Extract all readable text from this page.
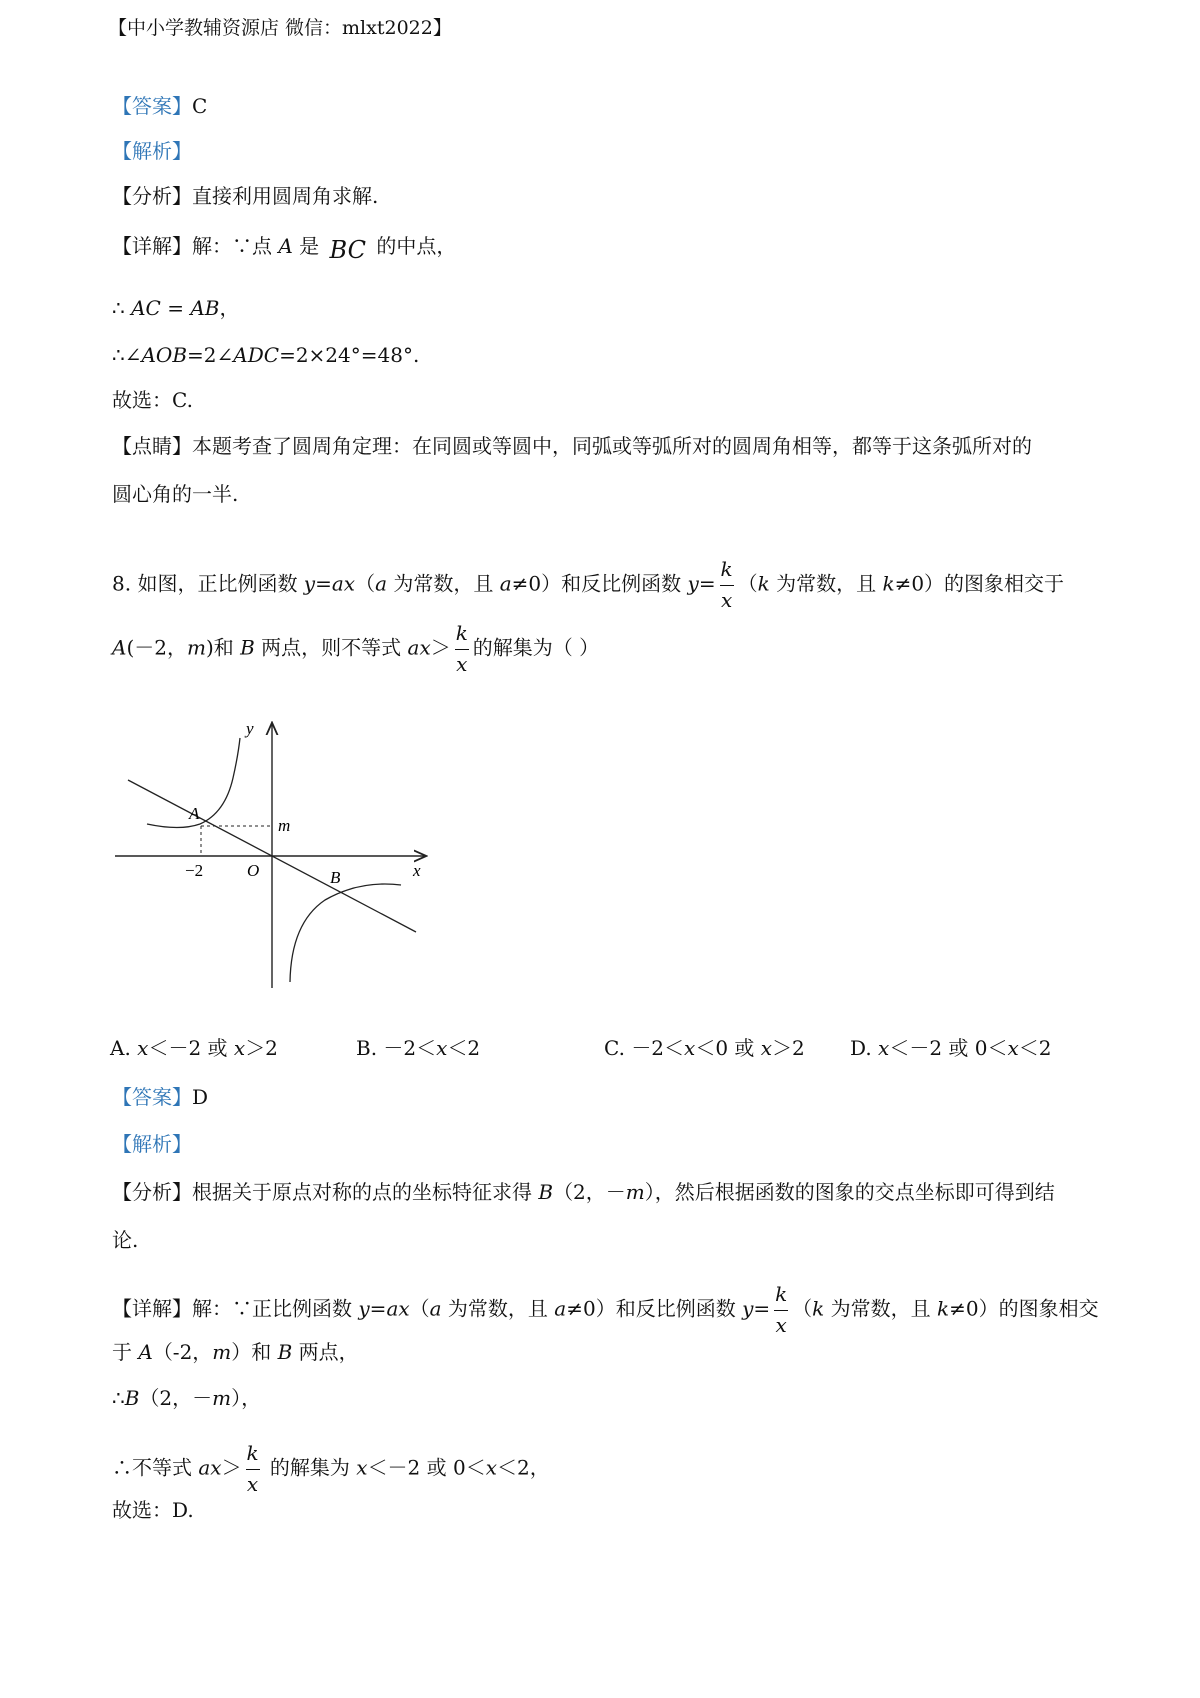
【中小学教辅资源店 微信：mlxt2022】
【答案】C
【解析】
【分析】直接利用圆周角求解.
【详解】解：∵点 A 是 BC 的中点，
∴ AC = AB，
∴∠AOB=2∠ADC=2×24°=48°.
故选：C.
【点睛】本题考查了圆周角定理：在同圆或等圆中，同弧或等弧所对的圆周角相等，都等于这条弧所对的
圆心角的一半.
8. 如图，正比例函数 y=ax（a 为常数，且 a≠0）和反比例函数 $y= \frac{k}{x} (k$ 为常数，且 k≠0）的图象相交于
A(－2，m)和 B 两点，则不等式 $ax> \frac{k}{x}$ 的解集为（ ）
y
x
O
A
B
m
−2
A. x＜－2 或 x＞2	B. －2＜x＜2	C. －2＜x＜0 或 x＞2 D. x＜－2 或 0＜x＜2
【答案】D
【解析】
【分析】根据关于原点对称的点的坐标特征求得 B（2，－m），然后根据函数的图象的交点坐标即可得到结
论.
【详解】解：∵正比例函数 y=ax（a 为常数，且 a≠0）和反比例函数 $y= \frac{k}{x} (k$ 为常数，且 k≠0）的图象相交
于 A（-2，m）和 B 两点，
∴B（2，－m），
∴不等式 $ax> \frac{k}{x}$ 的解集为 x＜－2 或 0＜x＜2，
故选：D.
